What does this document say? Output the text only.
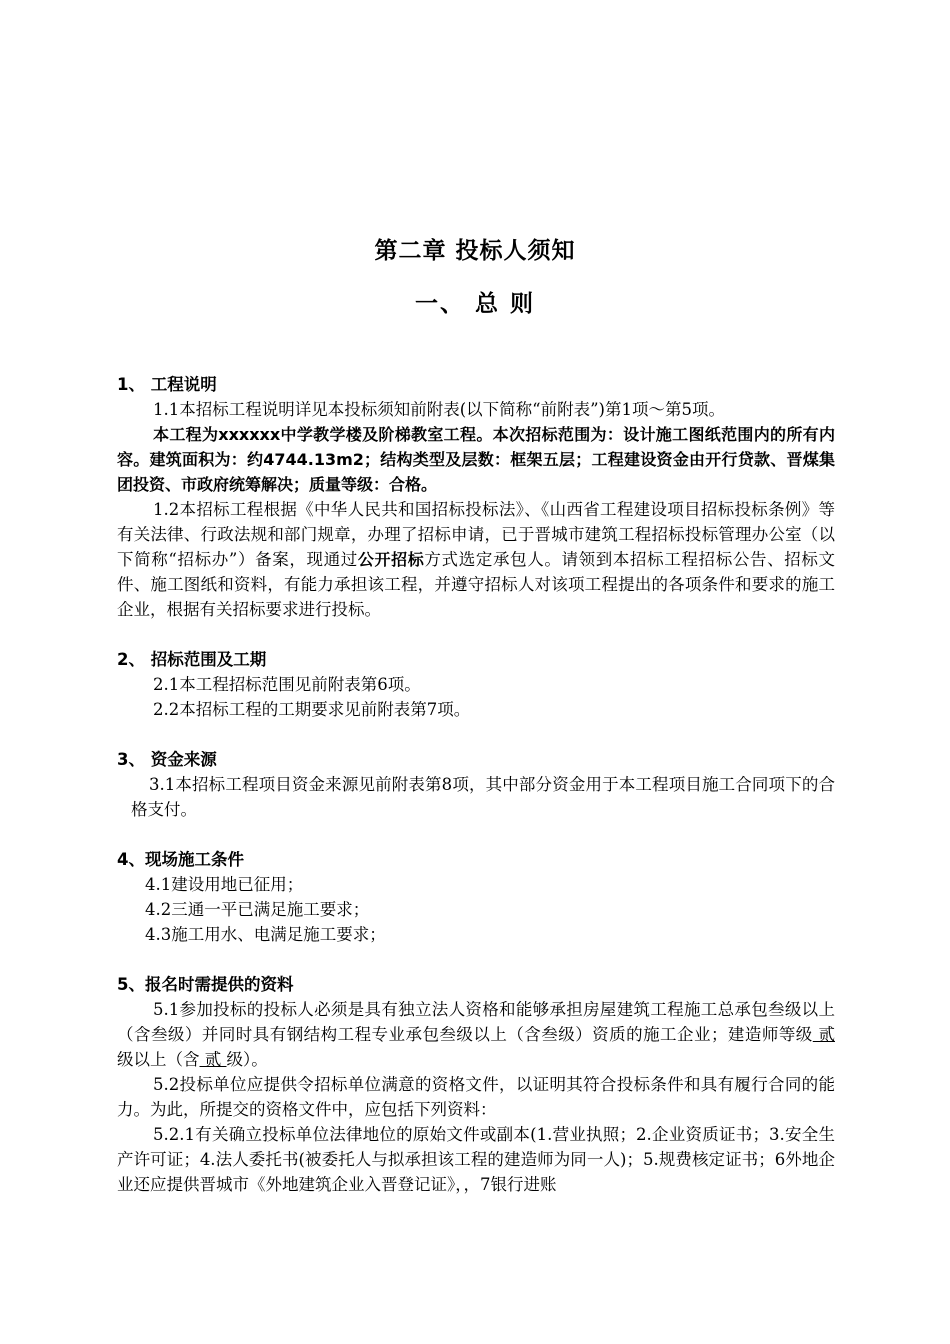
第二章 投标人须知
一、 总 则

1、 工程说明

1.1本招标工程说明详见本投标须知前附表(以下简称“前附表”)第1项～第5项。

本工程为xxxxxx中学教学楼及阶梯教室工程。本次招标范围为：设计施工图纸范围内的所有内容。建筑面积为：约4744.13m2；结构类型及层数：框架五层；工程建设资金由开行贷款、晋煤集团投资、市政府统筹解决；质量等级：合格。

1.2本招标工程根据《中华人民共和国招标投标法》、《山西省工程建设项目招标投标条例》等有关法律、行政法规和部门规章，办理了招标申请，已于晋城市建筑工程招标投标管理办公室（以下简称“招标办”）备案，现通过公开招标方式选定承包人。请领到本招标工程招标公告、招标文件、施工图纸和资料，有能力承担该工程，并遵守招标人对该项工程提出的各项条件和要求的施工企业，根据有关招标要求进行投标。

2、 招标范围及工期

2.1本工程招标范围见前附表第6项。

2.2本招标工程的工期要求见前附表第7项。

3、 资金来源

3.1本招标工程项目资金来源见前附表第8项，其中部分资金用于本工程项目施工合同项下的合格支付。

4、现场施工条件

4.1建设用地已征用；

4.2三通一平已满足施工要求；

4.3施工用水、电满足施工要求；

5、报名时需提供的资料

5.1参加投标的投标人必须是具有独立法人资格和能够承担房屋建筑工程施工总承包叁级以上（含叁级）并同时具有钢结构工程专业承包叁级以上（含叁级）资质的施工企业；建造师等级 贰 级以上（含 贰 级）。

5.2投标单位应提供令招标单位满意的资格文件，以证明其符合投标条件和具有履行合同的能力。为此，所提交的资格文件中，应包括下列资料：

5.2.1有关确立投标单位法律地位的原始文件或副本(1.营业执照；2.企业资质证书；3.安全生产许可证；4.法人委托书(被委托人与拟承担该工程的建造师为同一人)；5.规费核定证书；6外地企业还应提供晋城市《外地建筑企业入晋登记证》，，7银行进账
